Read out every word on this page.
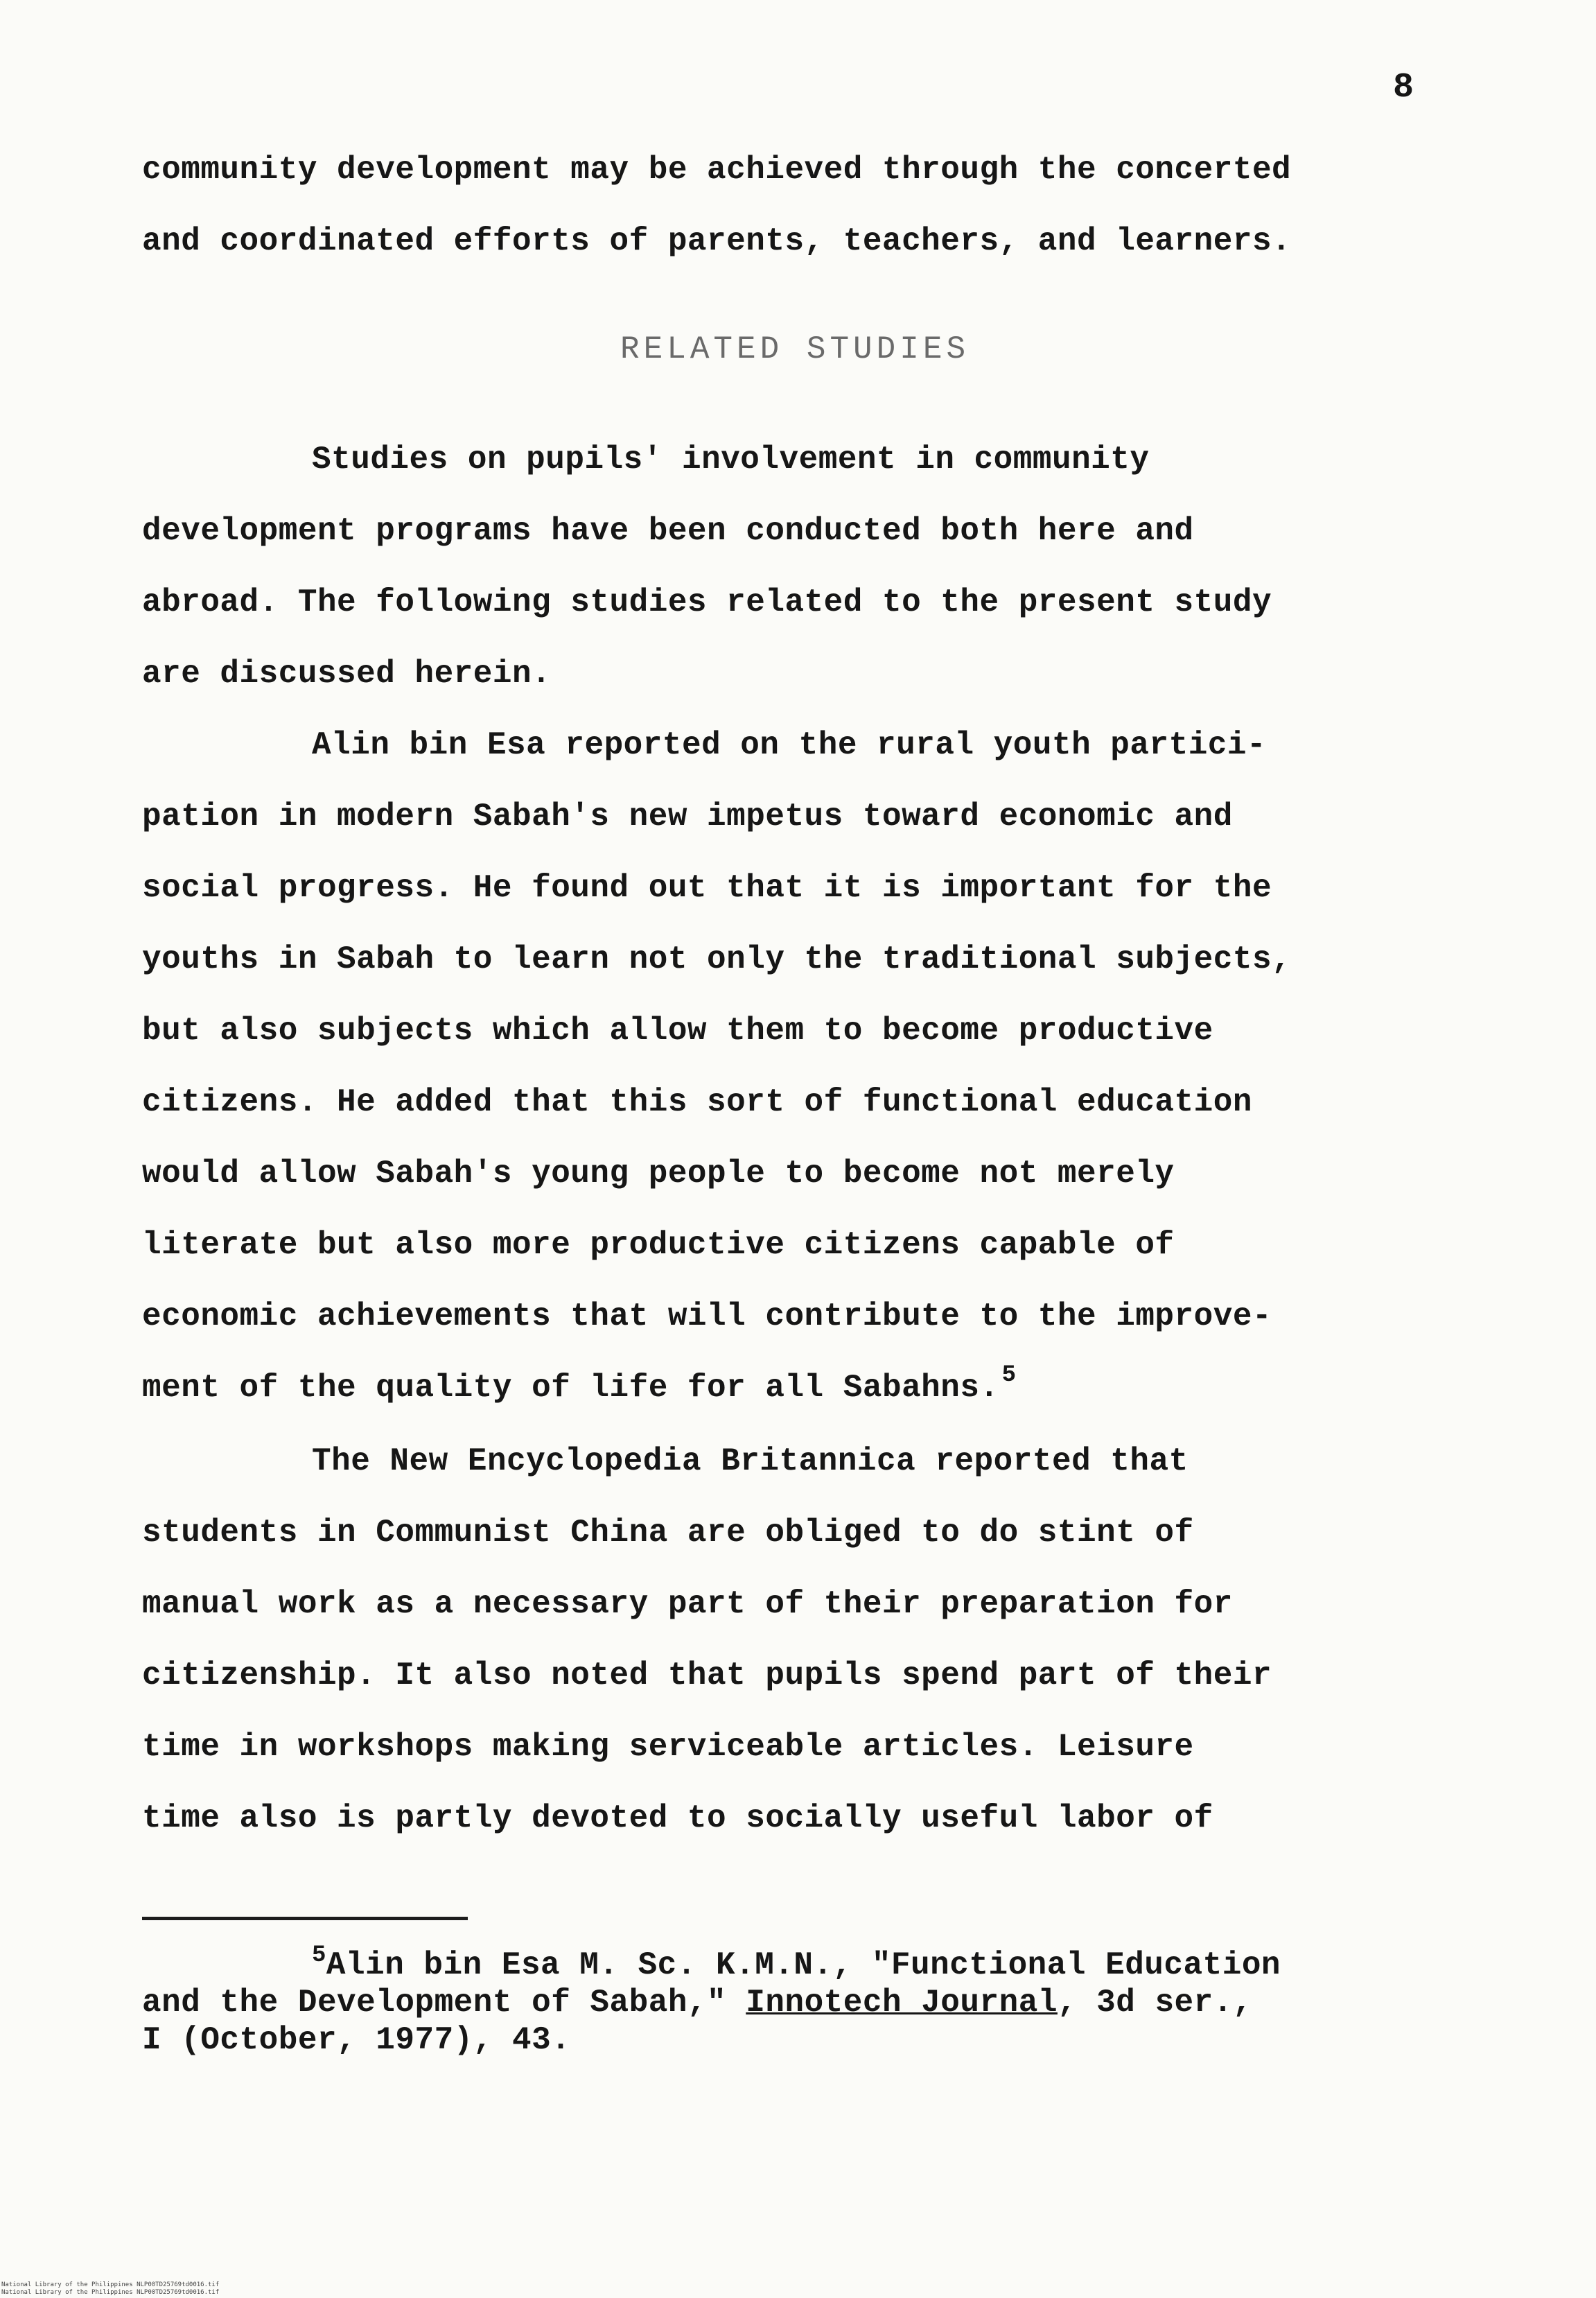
8
community development may be achieved through the concerted
and coordinated efforts of parents, teachers, and learners.
RELATED STUDIES
Studies on pupils' involvement in community
development programs have been conducted both here and
abroad. The following studies related to the present study
are discussed herein.
Alin bin Esa reported on the rural youth partici-
pation in modern Sabah's new impetus toward economic and
social progress. He found out that it is important for the
youths in Sabah to learn not only the traditional subjects,
but also subjects which allow them to become productive
citizens. He added that this sort of functional education
would allow Sabah's young people to become not merely
literate but also more productive citizens capable of
economic achievements that will contribute to the improve-
ment of the quality of life for all Sabahns. $^5$
The New Encyclopedia Britannica reported that
students in Communist China are obliged to do stint of
manual work as a necessary part of their preparation for
citizenship. It also noted that pupils spend part of their
time in workshops making serviceable articles. Leisure
time also is partly devoted to socially useful labor of
$^5$Alin bin Esa M. Sc. K.M.N., "Functional Education
and the Development of Sabah," Innotech Journal, 3d ser.,
I (October, 1977), 43.
National Library of the Philippines NLP00TD25769td0016.tif
National Library of the Philippines NLP00TD25769td0016.tif
